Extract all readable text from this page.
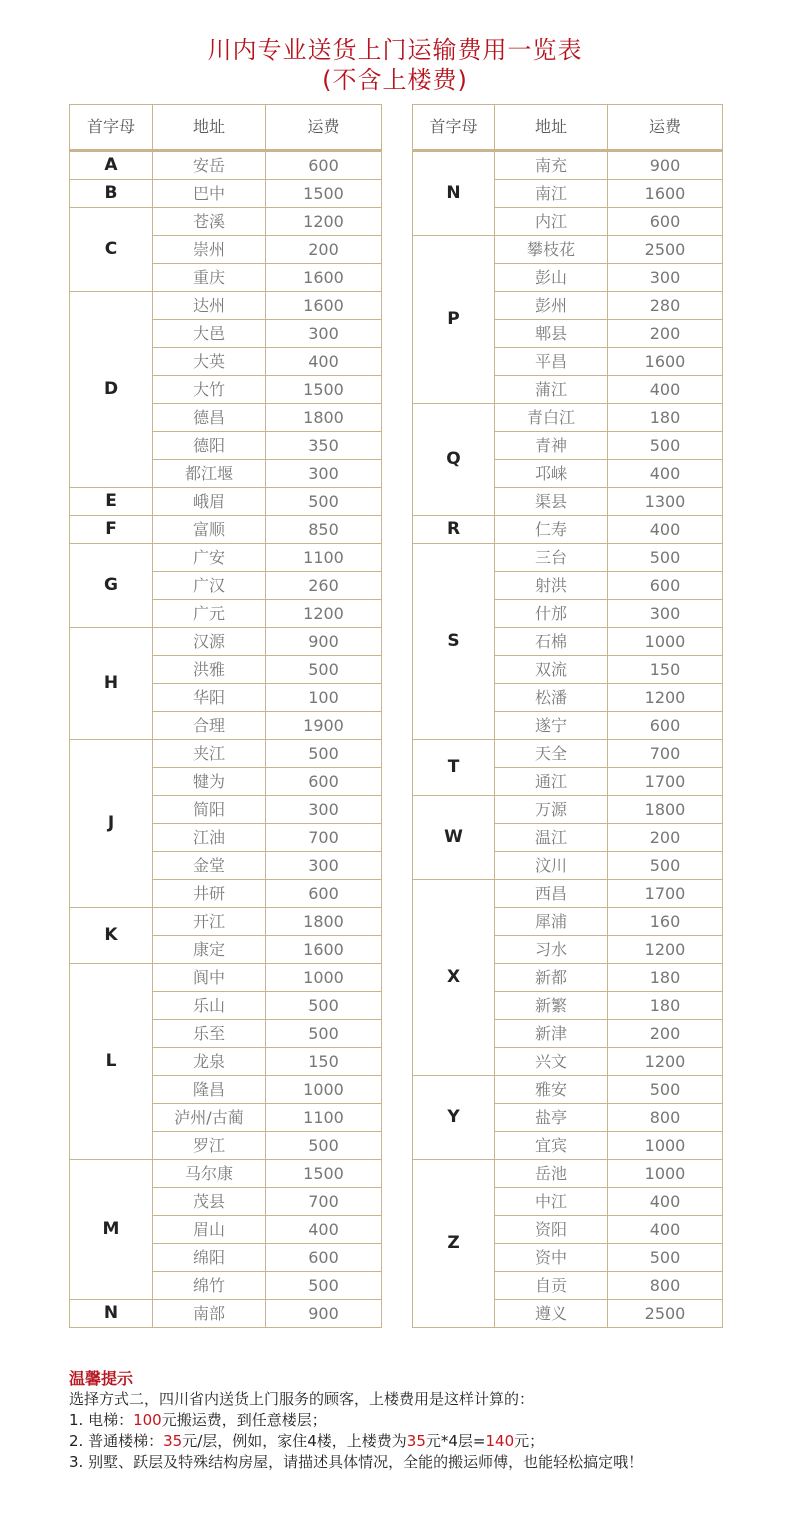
川内专业送货上门运输费用一览表
(不含上楼费)
首字母	地址	运费
A	安岳	600
B	巴中	1500
C	苍溪	1200
	崇州	200
	重庆	1600
D	达州	1600
	大邑	300
	大英	400
	大竹	1500
	德昌	1800
	德阳	350
	都江堰	300
E	峨眉	500
F	富顺	850
G	广安	1100
	广汉	260
	广元	1200
H	汉源	900
	洪雅	500
	华阳	100
	合理	1900
J	夹江	500
	犍为	600
	简阳	300
	江油	700
	金堂	300
	井研	600
K	开江	1800
	康定	1600
L	阆中	1000
	乐山	500
	乐至	500
	龙泉	150
	隆昌	1000
	泸州/古蔺	1100
	罗江	500
M	马尔康	1500
	茂县	700
	眉山	400
	绵阳	600
	绵竹	500
N	南部	900
首字母	地址	运费
N	南充	900
	南江	1600
	内江	600
P	攀枝花	2500
	彭山	300
	彭州	280
	郫县	200
	平昌	1600
	蒲江	400
Q	青白江	180
	青神	500
	邛崃	400
	渠县	1300
R	仁寿	400
S	三台	500
	射洪	600
	什邡	300
	石棉	1000
	双流	150
	松潘	1200
	遂宁	600
T	天全	700
	通江	1700
W	万源	1800
	温江	200
	汶川	500
X	西昌	1700
	犀浦	160
	习水	1200
	新都	180
	新繁	180
	新津	200
	兴文	1200
Y	雅安	500
	盐亭	800
	宜宾	1000
Z	岳池	1000
	中江	400
	资阳	400
	资中	500
	自贡	800
	遵义	2500
温馨提示
选择方式二，四川省内送货上门服务的顾客，上楼费用是这样计算的：
1. 电梯：100元搬运费，到任意楼层；
2. 普通楼梯：35元/层，例如，家住4楼，上楼费为35元*4层=140元；
3. 别墅、跃层及特殊结构房屋，请描述具体情况，全能的搬运师傅，也能轻松搞定哦！
